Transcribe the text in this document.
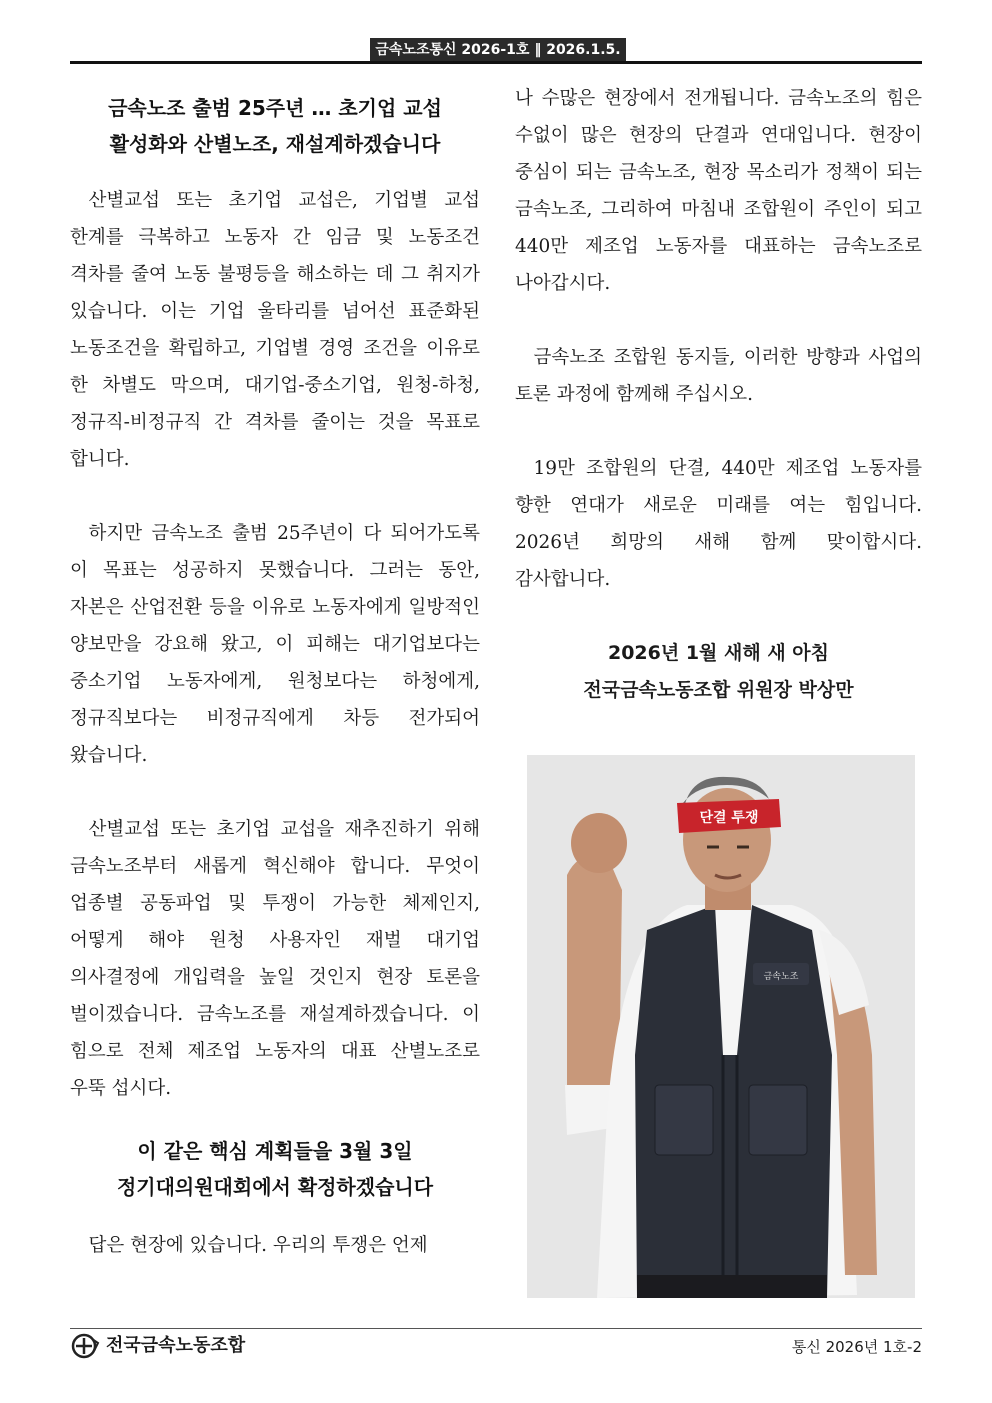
금속노조통신 2026-1호 ‖ 2026.1.5.(월)
금속노조 출범 25주년 … 초기업 교섭
활성화와 산별노조, 재설계하겠습니다

산별교섭 또는 초기업 교섭은, 기업별 교섭 한계를 극복하고 노동자 간 임금 및 노동조건 격차를 줄여 노동 불평등을 해소하는 데 그 취지가 있습니다. 이는 기업 울타리를 넘어선 표준화된 노동조건을 확립하고, 기업별 경영 조건을 이유로 한 차별도 막으며, 대기업-중소기업, 원청-하청, 정규직-비정규직 간 격차를 줄이는 것을 목표로 합니다.

하지만 금속노조 출범 25주년이 다 되어가도록 이 목표는 성공하지 못했습니다. 그러는 동안, 자본은 산업전환 등을 이유로 노동자에게 일방적인 양보만을 강요해 왔고, 이 피해는 대기업보다는 중소기업 노동자에게, 원청보다는 하청에게, 정규직보다는 비정규직에게 차등 전가되어 왔습니다.

산별교섭 또는 초기업 교섭을 재추진하기 위해 금속노조부터 새롭게 혁신해야 합니다. 무엇이 업종별 공동파업 및 투쟁이 가능한 체제인지, 어떻게 해야 원청 사용자인 재벌 대기업 의사결정에 개입력을 높일 것인지 현장 토론을 벌이겠습니다. 금속노조를 재설계하겠습니다. 이 힘으로 전체 제조업 노동자의 대표 산별노조로 우뚝 섭시다.

이 같은 핵심 계획들을 3월 3일
정기대의원대회에서 확정하겠습니다

답은 현장에 있습니다. 우리의 투쟁은 언제

나 수많은 현장에서 전개됩니다. 금속노조의 힘은 수없이 많은 현장의 단결과 연대입니다. 현장이 중심이 되는 금속노조, 현장 목소리가 정책이 되는 금속노조, 그리하여 마침내 조합원이 주인이 되고 440만 제조업 노동자를 대표하는 금속노조로 나아갑시다.

금속노조 조합원 동지들, 이러한 방향과 사업의 토론 과정에 함께해 주십시오.

19만 조합원의 단결, 440만 제조업 노동자를 향한 연대가 새로운 미래를 여는 힘입니다. 2026년 희망의 새해 함께 맞이합시다. 감사합니다.

2026년 1월 새해 새 아침

전국금속노동조합 위원장 박상만

금속노조
단결 투쟁
전국금속노동조합	통신 2026년 1호-2
